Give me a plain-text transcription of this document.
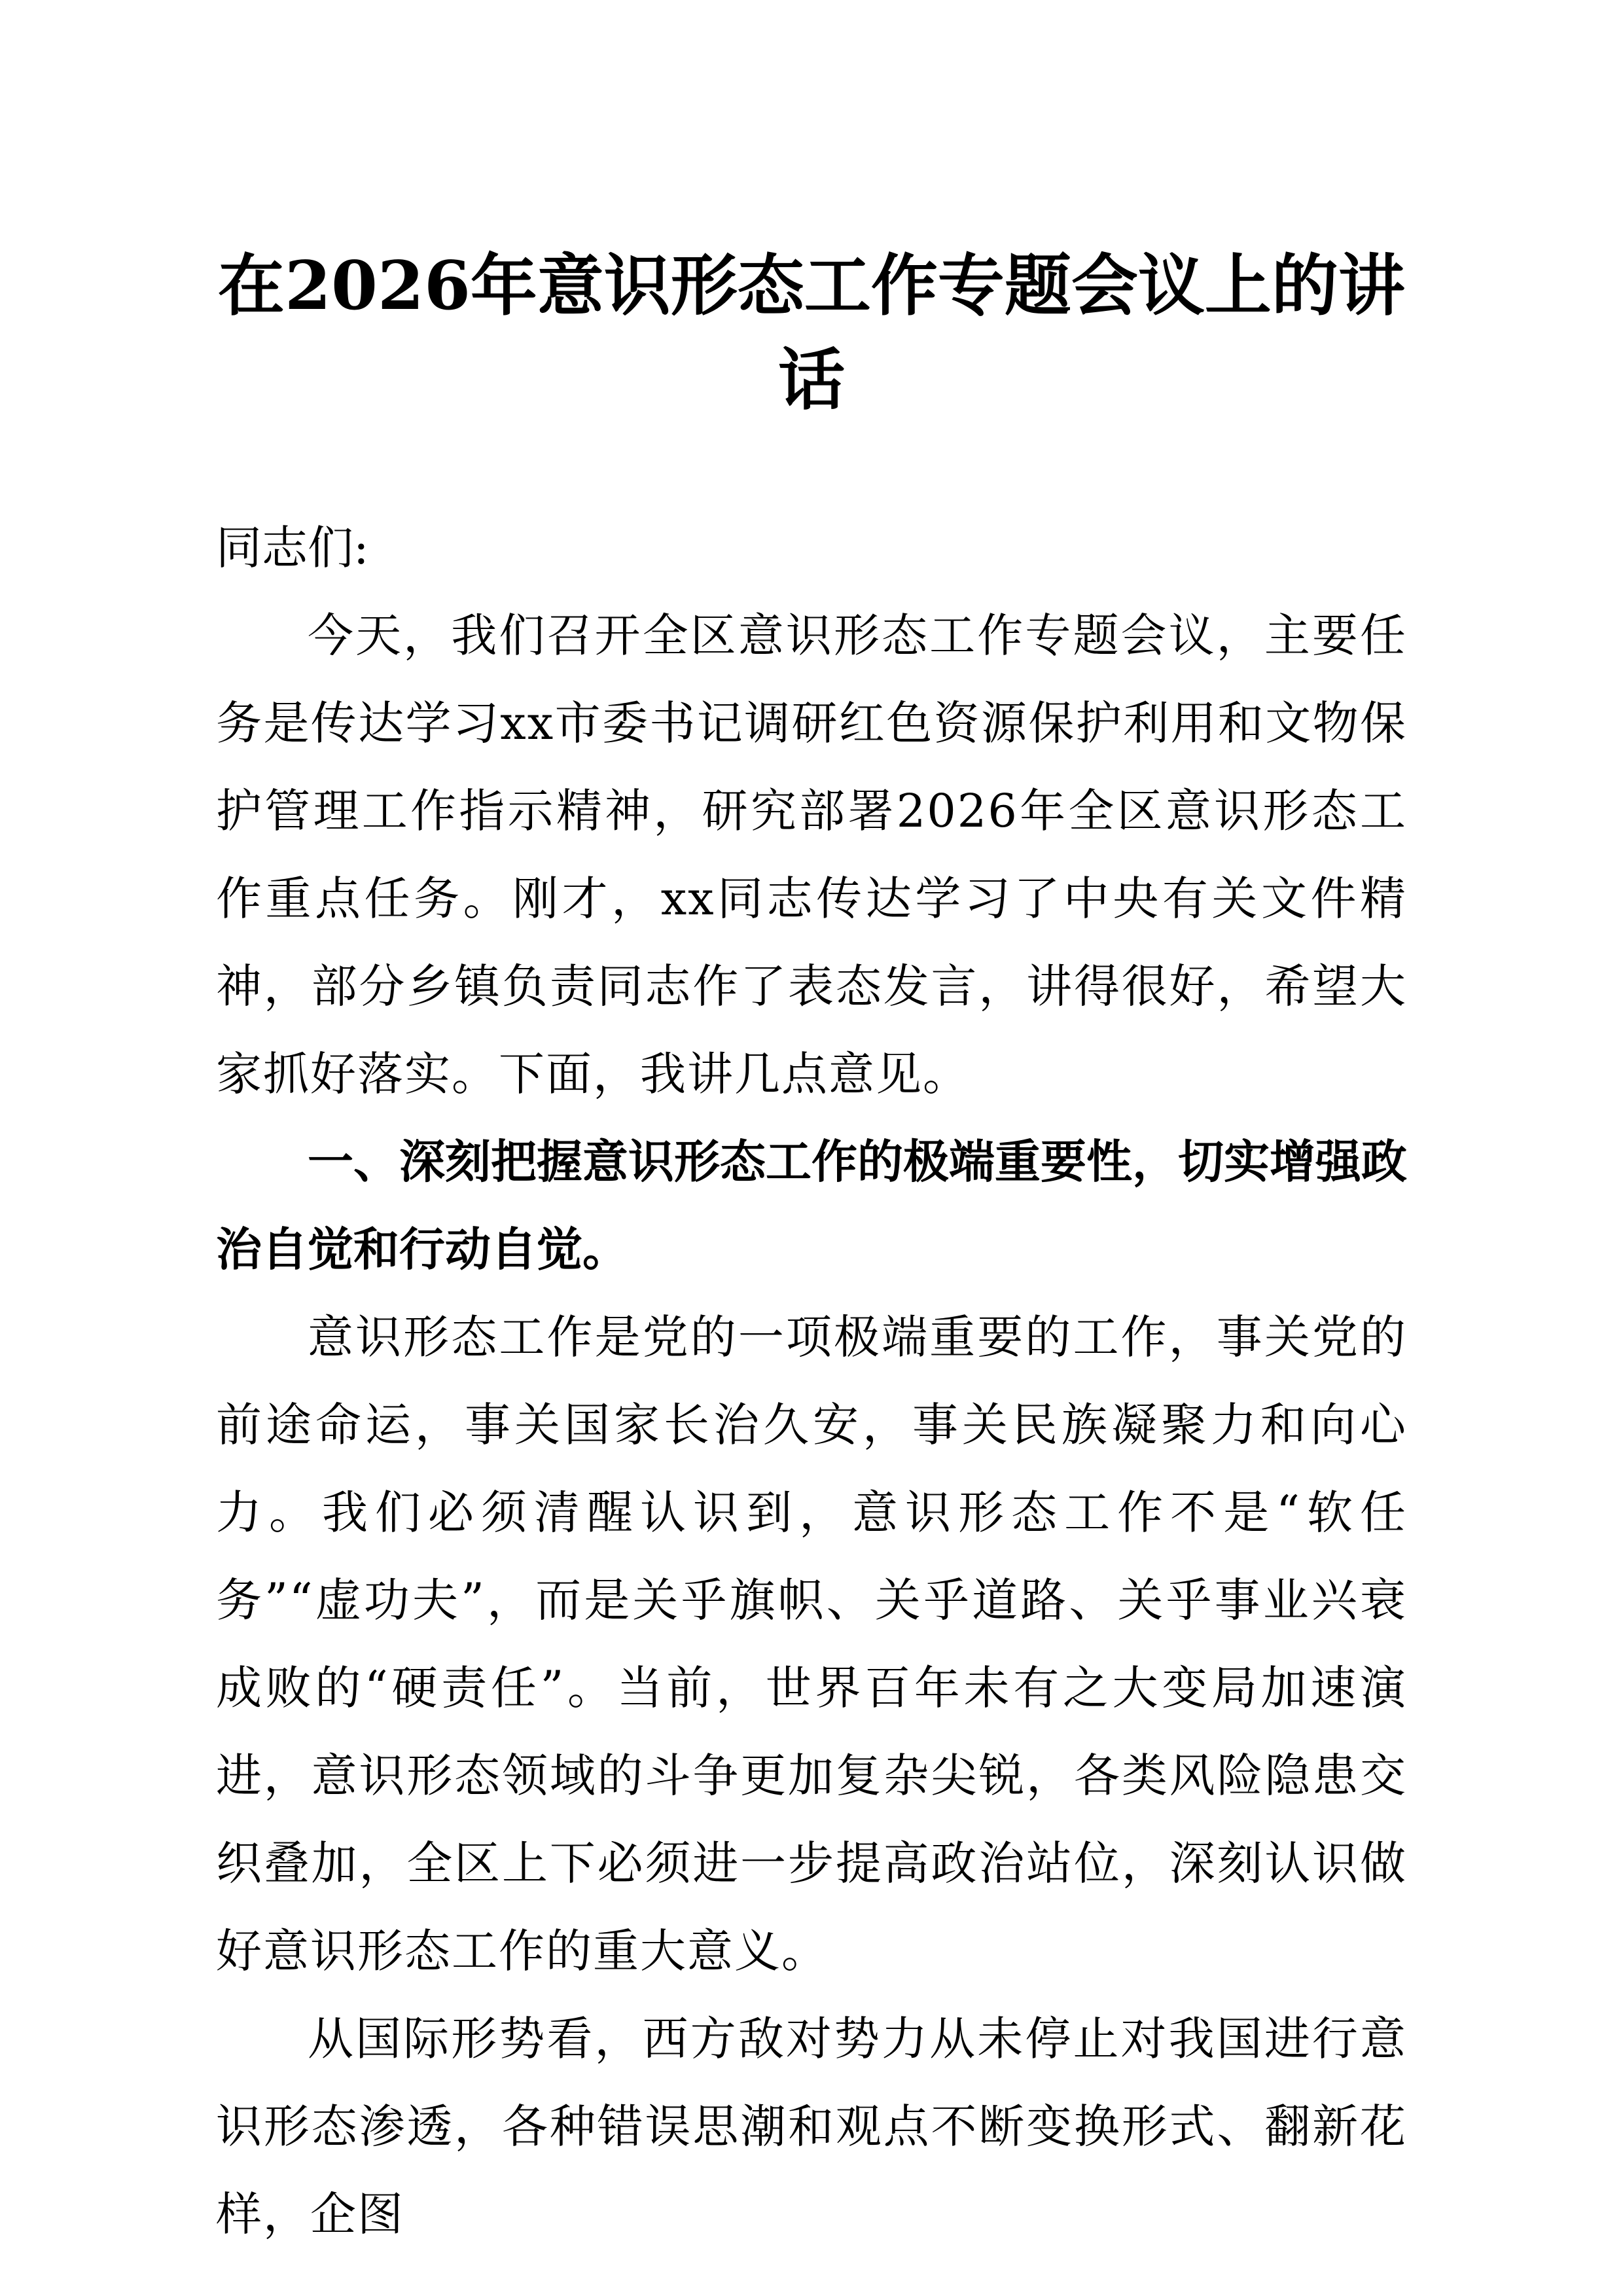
在2026年意识形态工作专题会议上的讲话

同志们:

今天，我们召开全区意识形态工作专题会议，主要任务是传达学习xx市委书记调研红色资源保护利用和文物保护管理工作指示精神，研究部署2026年全区意识形态工作重点任务。刚才，xx同志传达学习了中央有关文件精神，部分乡镇负责同志作了表态发言，讲得很好，希望大家抓好落实。下面，我讲几点意见。

一、深刻把握意识形态工作的极端重要性，切实增强政治自觉和行动自觉。

意识形态工作是党的一项极端重要的工作，事关党的前途命运，事关国家长治久安，事关民族凝聚力和向心力。我们必须清醒认识到，意识形态工作不是“软任务”“虚功夫”，而是关乎旗帜、关乎道路、关乎事业兴衰成败的“硬责任”。当前，世界百年未有之大变局加速演进，意识形态领域的斗争更加复杂尖锐，各类风险隐患交织叠加，全区上下必须进一步提高政治站位，深刻认识做好意识形态工作的重大意义。

从国际形势看，西方敌对势力从未停止对我国进行意识形态渗透，各种错误思潮和观点不断变换形式、翻新花样，企图
